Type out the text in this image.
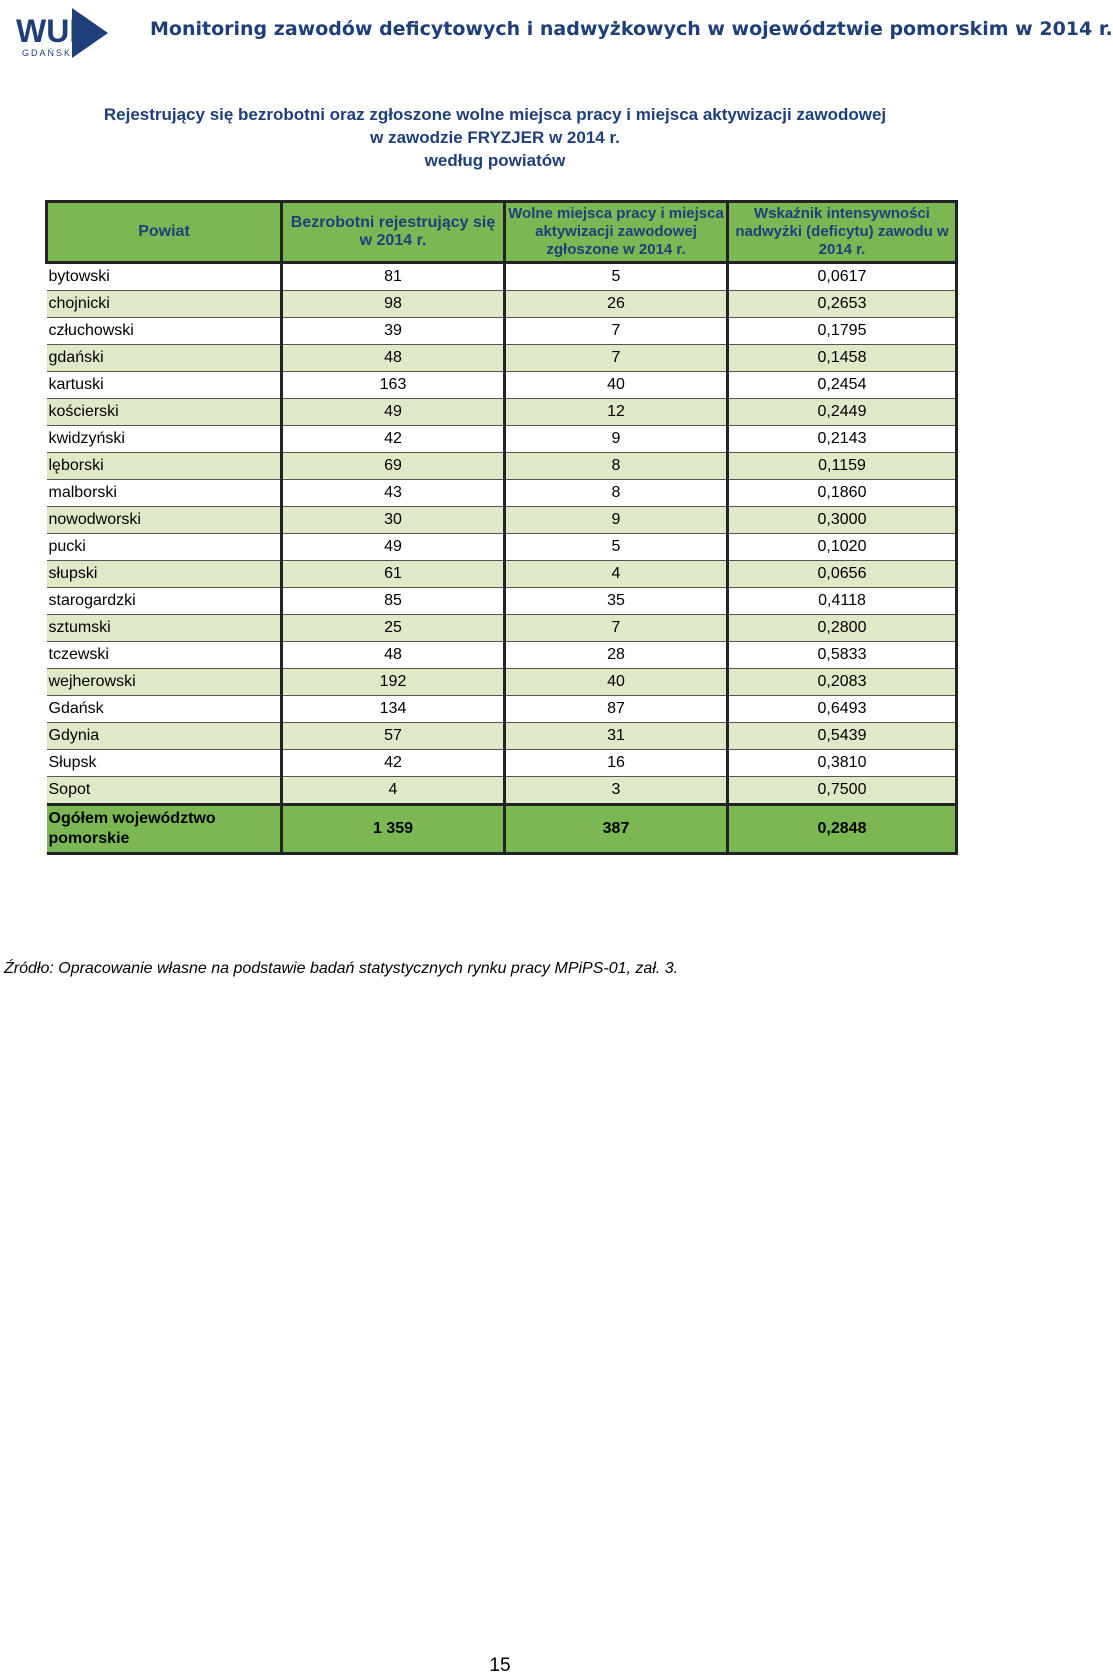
WUP
GDAŃSK
Monitoring zawodów deficytowych i nadwyżkowych w województwie pomorskim w 2014 r.
Rejestrujący się bezrobotni oraz zgłoszone wolne miejsca pracy i miejsca aktywizacji zawodowej
w zawodzie FRYZJER w 2014 r.
według powiatów
Powiat	Bezrobotni rejestrujący się w 2014 r.	Wolne miejsca pracy i miejsca aktywizacji zawodowej zgłoszone w 2014 r.	Wskaźnik intensywności nadwyżki (deficytu) zawodu w 2014 r.
bytowski	81	5	0,0617
chojnicki	98	26	0,2653
człuchowski	39	7	0,1795
gdański	48	7	0,1458
kartuski	163	40	0,2454
kościerski	49	12	0,2449
kwidzyński	42	9	0,2143
lęborski	69	8	0,1159
malborski	43	8	0,1860
nowodworski	30	9	0,3000
pucki	49	5	0,1020
słupski	61	4	0,0656
starogardzki	85	35	0,4118
sztumski	25	7	0,2800
tczewski	48	28	0,5833
wejherowski	192	40	0,2083
Gdańsk	134	87	0,6493
Gdynia	57	31	0,5439
Słupsk	42	16	0,3810
Sopot	4	3	0,7500
Ogółem województwo pomorskie	1 359	387	0,2848
Źródło: Opracowanie własne na podstawie badań statystycznych rynku pracy MPiPS-01, zał. 3.
15
